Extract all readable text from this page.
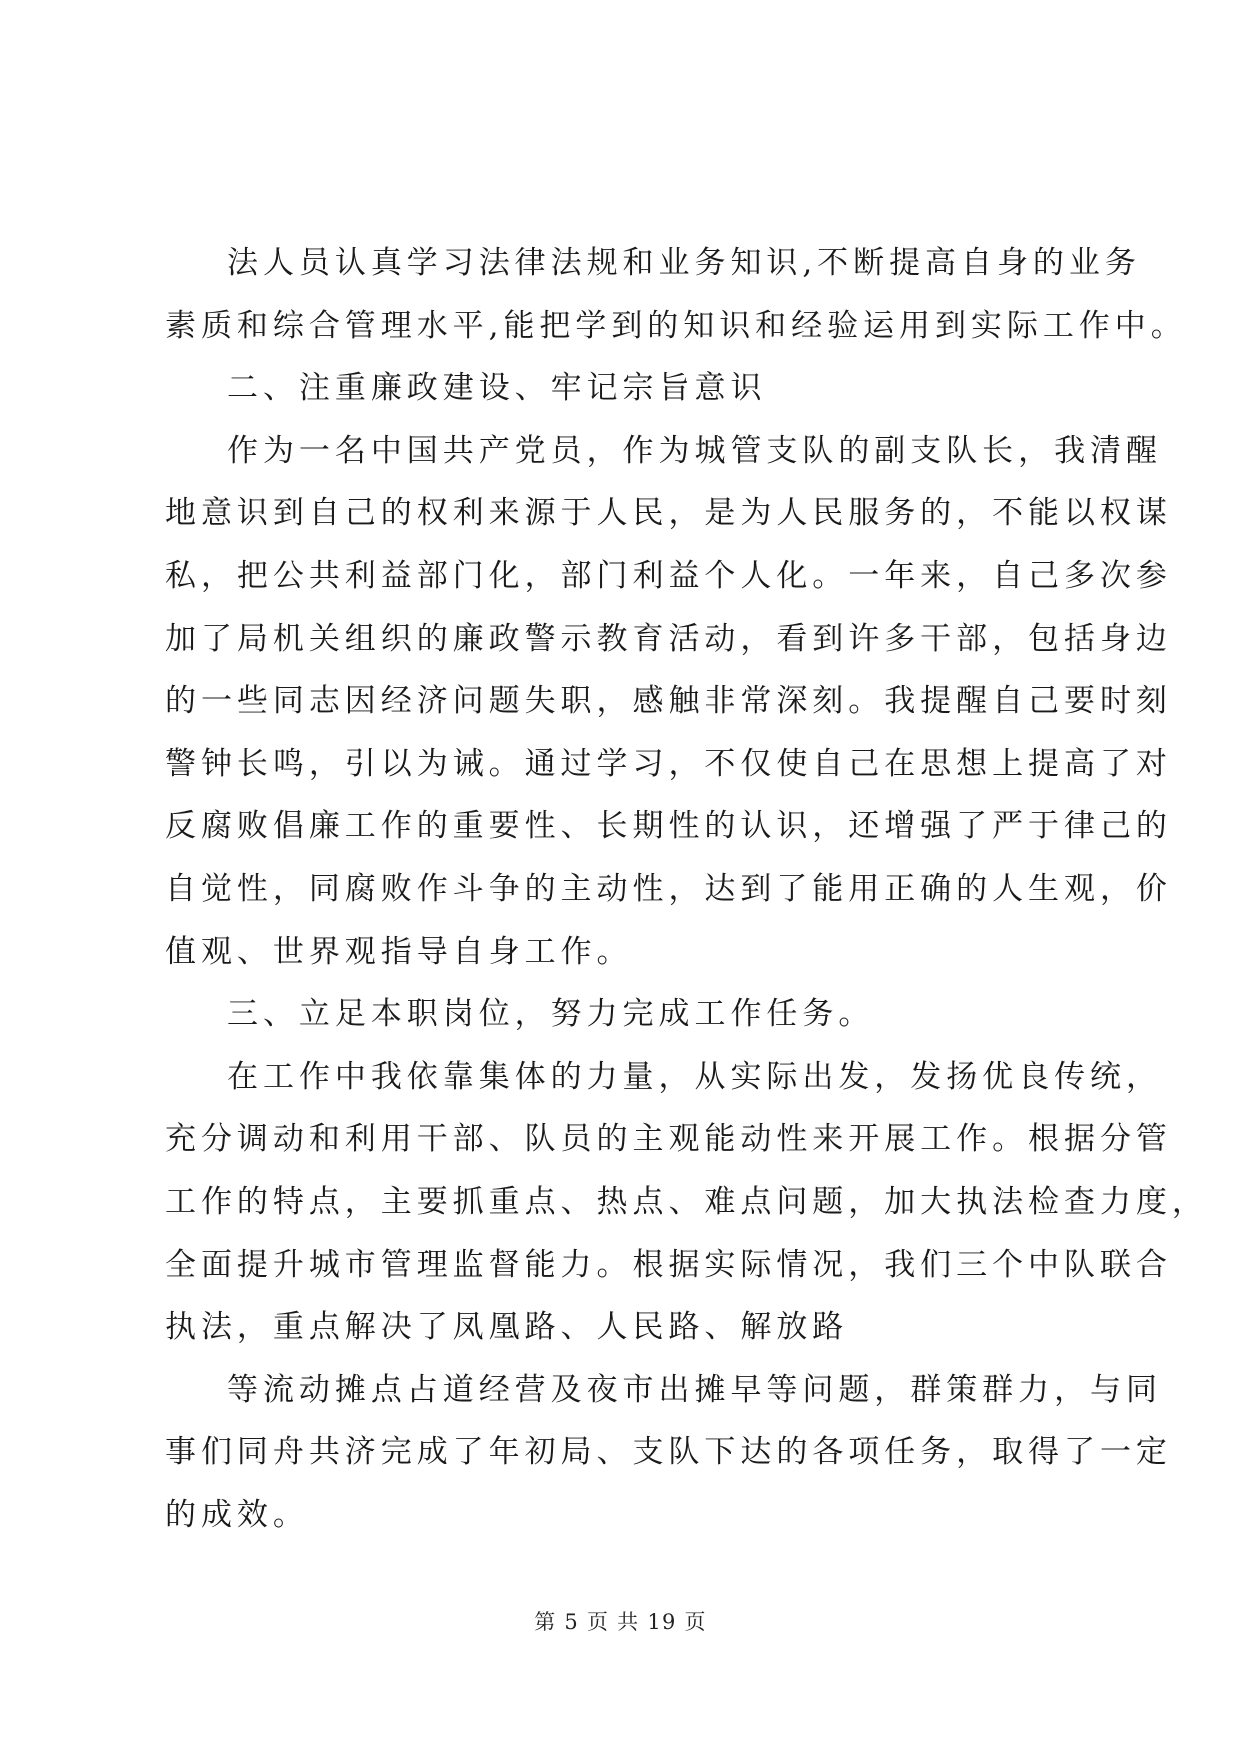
法人员认真学习法律法规和业务知识,不断提高自身的业务
素质和综合管理水平,能把学到的知识和经验运用到实际工作中。
二、注重廉政建设、牢记宗旨意识
作为一名中国共产党员，作为城管支队的副支队长，我清醒
地意识到自己的权利来源于人民，是为人民服务的，不能以权谋
私，把公共利益部门化，部门利益个人化。一年来，自己多次参
加了局机关组织的廉政警示教育活动，看到许多干部，包括身边
的一些同志因经济问题失职，感触非常深刻。我提醒自己要时刻
警钟长鸣，引以为诫。通过学习，不仅使自己在思想上提高了对
反腐败倡廉工作的重要性、长期性的认识，还增强了严于律己的
自觉性，同腐败作斗争的主动性，达到了能用正确的人生观，价
值观、世界观指导自身工作。
三、立足本职岗位，努力完成工作任务。
在工作中我依靠集体的力量，从实际出发，发扬优良传统，
充分调动和利用干部、队员的主观能动性来开展工作。根据分管
工作的特点，主要抓重点、热点、难点问题，加大执法检查力度，
全面提升城市管理监督能力。根据实际情况，我们三个中队联合
执法，重点解决了凤凰路、人民路、解放路
等流动摊点占道经营及夜市出摊早等问题，群策群力，与同
事们同舟共济完成了年初局、支队下达的各项任务，取得了一定
的成效。
第 5 页 共 19 页
